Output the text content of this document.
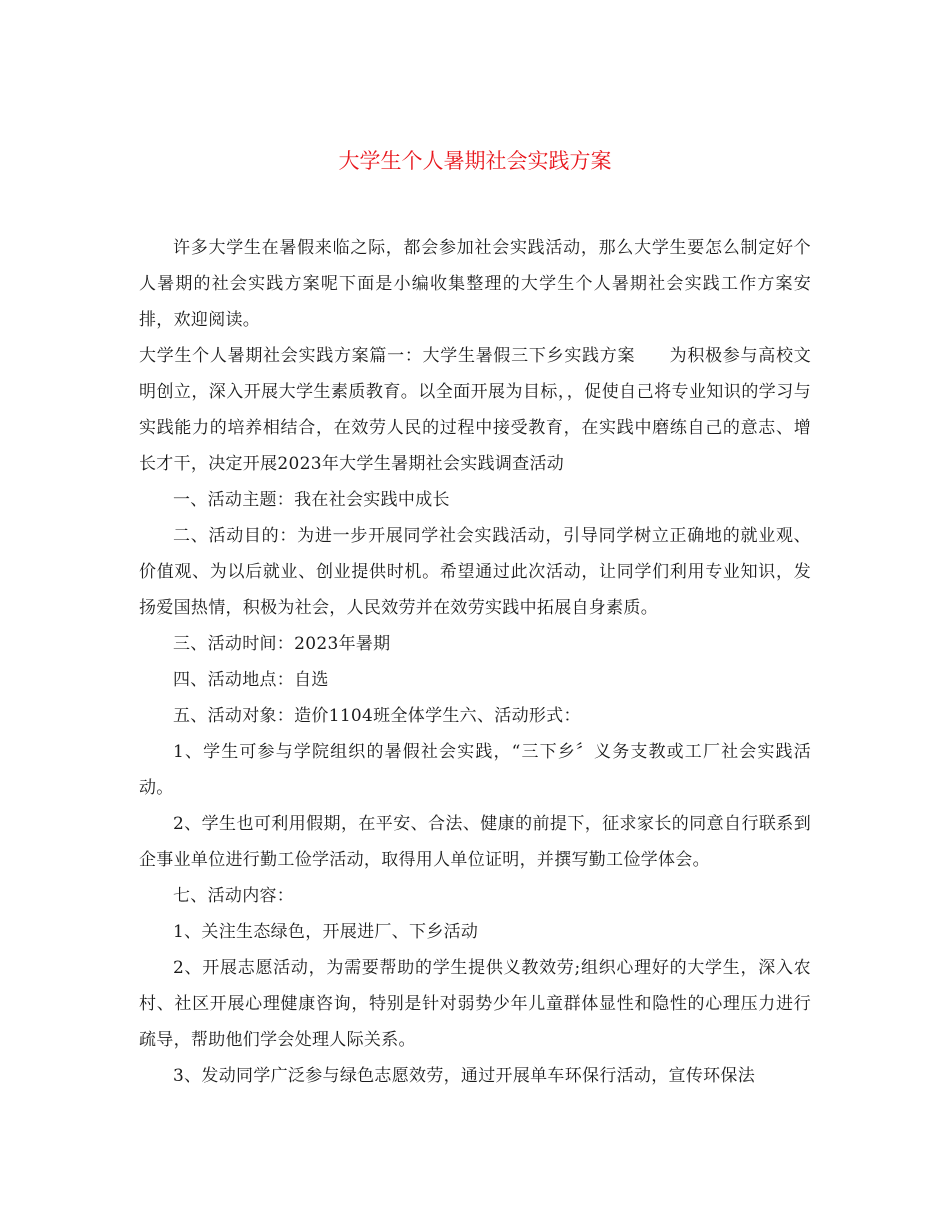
大学生个人暑期社会实践方案

许多大学生在暑假来临之际，都会参加社会实践活动，那么大学生要怎么制定好个人暑期的社会实践方案呢下面是小编收集整理的大学生个人暑期社会实践工作方案安排，欢迎阅读。

大学生个人暑期社会实践方案篇一：大学生暑假三下乡实践方案 为积极参与高校文明创立，深入开展大学生素质教育。以全面开展为目标，，促使自己将专业知识的学习与实践能力的培养相结合，在效劳人民的过程中接受教育，在实践中磨练自己的意志、增长才干，决定开展2023年大学生暑期社会实践调查活动

一、活动主题：我在社会实践中成长

二、活动目的：为进一步开展同学社会实践活动，引导同学树立正确地的就业观、价值观、为以后就业、创业提供时机。希望通过此次活动，让同学们利用专业知识，发扬爱国热情，积极为社会，人民效劳并在效劳实践中拓展自身素质。

三、活动时间：2023年暑期

四、活动地点：自选

五、活动对象：造价1104班全体学生六、活动形式：

1、学生可参与学院组织的暑假社会实践，“三下乡〞义务支教或工厂社会实践活动。

2、学生也可利用假期，在平安、合法、健康的前提下，征求家长的同意自行联系到企事业单位进行勤工俭学活动，取得用人单位证明，并撰写勤工俭学体会。

七、活动内容：

1、关注生态绿色，开展进厂、下乡活动

2、开展志愿活动，为需要帮助的学生提供义教效劳;组织心理好的大学生，深入农村、社区开展心理健康咨询，特别是针对弱势少年儿童群体显性和隐性的心理压力进行疏导，帮助他们学会处理人际关系。

3、发动同学广泛参与绿色志愿效劳，通过开展单车环保行活动，宣传环保法
